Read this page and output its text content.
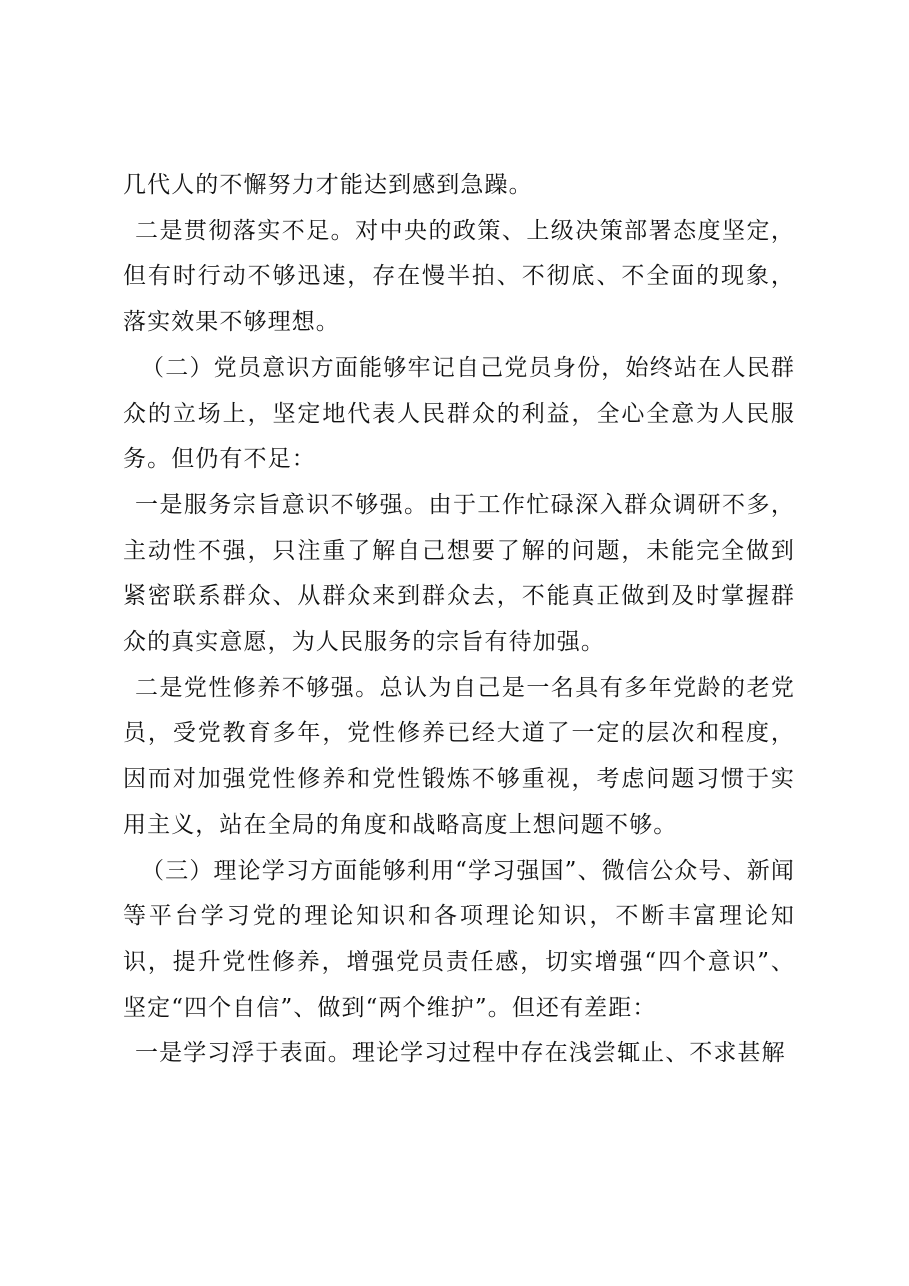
几代人的不懈努力才能达到感到急躁。

二是贯彻落实不足。对中央的政策、上级决策部署态度坚定，但有时行动不够迅速，存在慢半拍、不彻底、不全面的现象，落实效果不够理想。

（二）党员意识方面能够牢记自己党员身份，始终站在人民群众的立场上，坚定地代表人民群众的利益，全心全意为人民服务。但仍有不足：

一是服务宗旨意识不够强。由于工作忙碌深入群众调研不多，主动性不强，只注重了解自己想要了解的问题，未能完全做到紧密联系群众、从群众来到群众去，不能真正做到及时掌握群众的真实意愿，为人民服务的宗旨有待加强。

二是党性修养不够强。总认为自己是一名具有多年党龄的老党员，受党教育多年，党性修养已经大道了一定的层次和程度，因而对加强党性修养和党性锻炼不够重视，考虑问题习惯于实用主义，站在全局的角度和战略高度上想问题不够。

（三）理论学习方面能够利用“学习强国”、微信公众号、新闻等平台学习党的理论知识和各项理论知识，不断丰富理论知识，提升党性修养，增强党员责任感，切实增强“四个意识”、坚定“四个自信”、做到“两个维护”。但还有差距：

一是学习浮于表面。理论学习过程中存在浅尝辄止、不求甚解
